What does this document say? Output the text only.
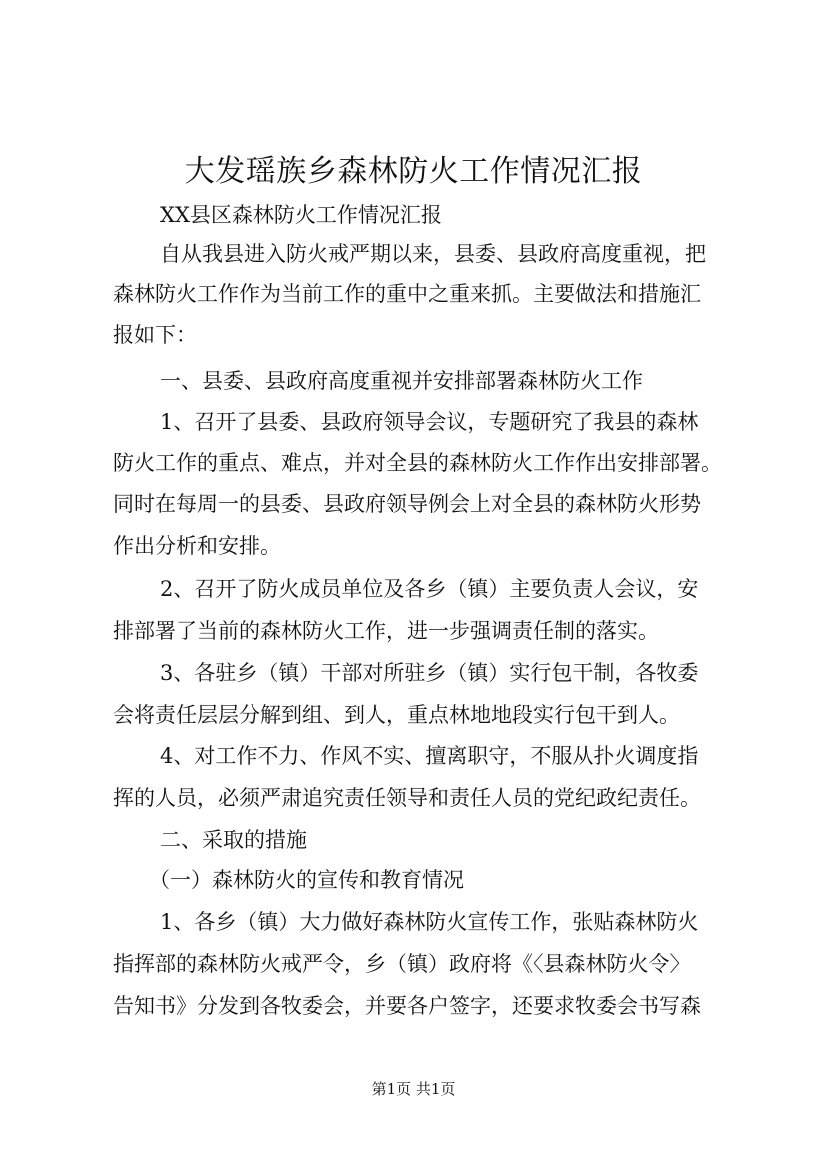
大发瑶族乡森林防火工作情况汇报
XX县区森林防火工作情况汇报
自从我县进入防火戒严期以来，县委、县政府高度重视，把
森林防火工作作为当前工作的重中之重来抓。主要做法和措施汇
报如下：
一、县委、县政府高度重视并安排部署森林防火工作
1、召开了县委、县政府领导会议，专题研究了我县的森林
防火工作的重点、难点，并对全县的森林防火工作作出安排部署。
同时在每周一的县委、县政府领导例会上对全县的森林防火形势
作出分析和安排。
2、召开了防火成员单位及各乡（镇）主要负责人会议，安
排部署了当前的森林防火工作，进一步强调责任制的落实。
3、各驻乡（镇）干部对所驻乡（镇）实行包干制，各牧委
会将责任层层分解到组、到人，重点林地地段实行包干到人。
4、对工作不力、作风不实、擅离职守，不服从扑火调度指
挥的人员，必须严肃追究责任领导和责任人员的党纪政纪责任。
二、采取的措施
（一）森林防火的宣传和教育情况
1、各乡（镇）大力做好森林防火宣传工作，张贴森林防火
指挥部的森林防火戒严令，乡（镇）政府将《〈县森林防火令〉
告知书》分发到各牧委会，并要各户签字，还要求牧委会书写森
第1页 共1页
